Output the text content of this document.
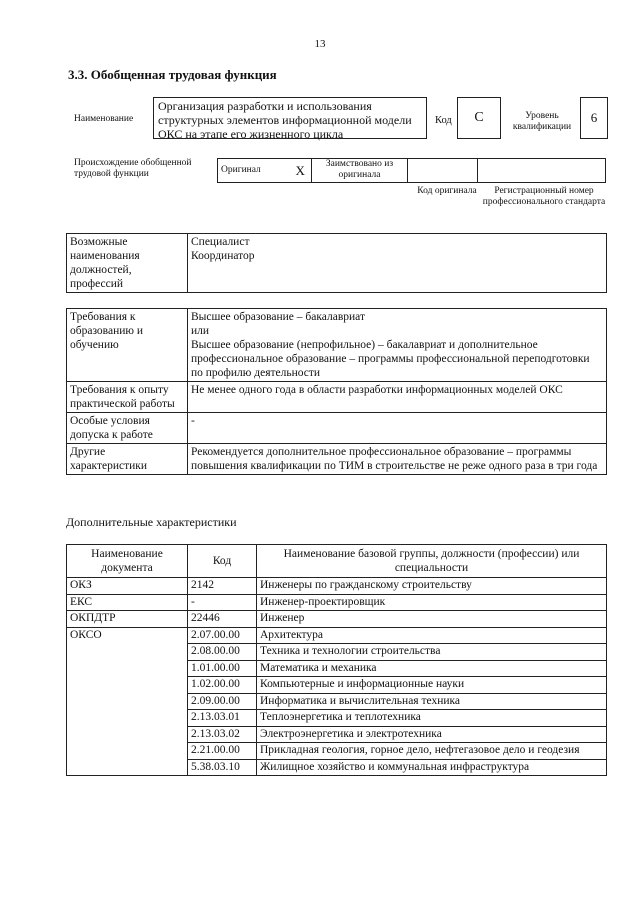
13
3.3. Обобщенная трудовая функция
Наименование
Организация разработки и использования структурных элементов информационной модели ОКС на этапе его жизненного цикла
Код	C	Уровень квалификации
6
Происхождение обобщенной трудовой функции	Оригинал	X	Заимствовано из оригинала		
Код оригинала	Регистрационный номер профессионального стандарта
Возможные наименования должностей, профессий	Специалист
Координатор
Требования к образованию и обучению	Высшее образование – бакалавриат
или
Высшее образование (непрофильное) – бакалавриат и дополнительное профессиональное образование – программы профессиональной переподготовки по профилю деятельности
Требования к опыту практической работы	Не менее одного года в области разработки информационных моделей ОКС
Особые условия допуска к работе	-
Другие характеристики	Рекомендуется дополнительное профессиональное образование – программы повышения квалификации по ТИМ в строительстве не реже одного раза в три года
Дополнительные характеристики
Наименование документа	Код	Наименование базовой группы, должности (профессии) или специальности
ОКЗ	2142	Инженеры по гражданскому строительству
ЕКС	-	Инженер-проектировщик
ОКПДТР	22446	Инженер
ОКСО	2.07.00.00	Архитектура
	2.08.00.00	Техника и технологии строительства
	1.01.00.00	Математика и механика
	1.02.00.00	Компьютерные и информационные науки
	2.09.00.00	Информатика и вычислительная техника
	2.13.03.01	Теплоэнергетика и теплотехника
	2.13.03.02	Электроэнергетика и электротехника
	2.21.00.00	Прикладная геология, горное дело, нефтегазовое дело и геодезия
	5.38.03.10	Жилищное хозяйство и коммунальная инфраструктура
